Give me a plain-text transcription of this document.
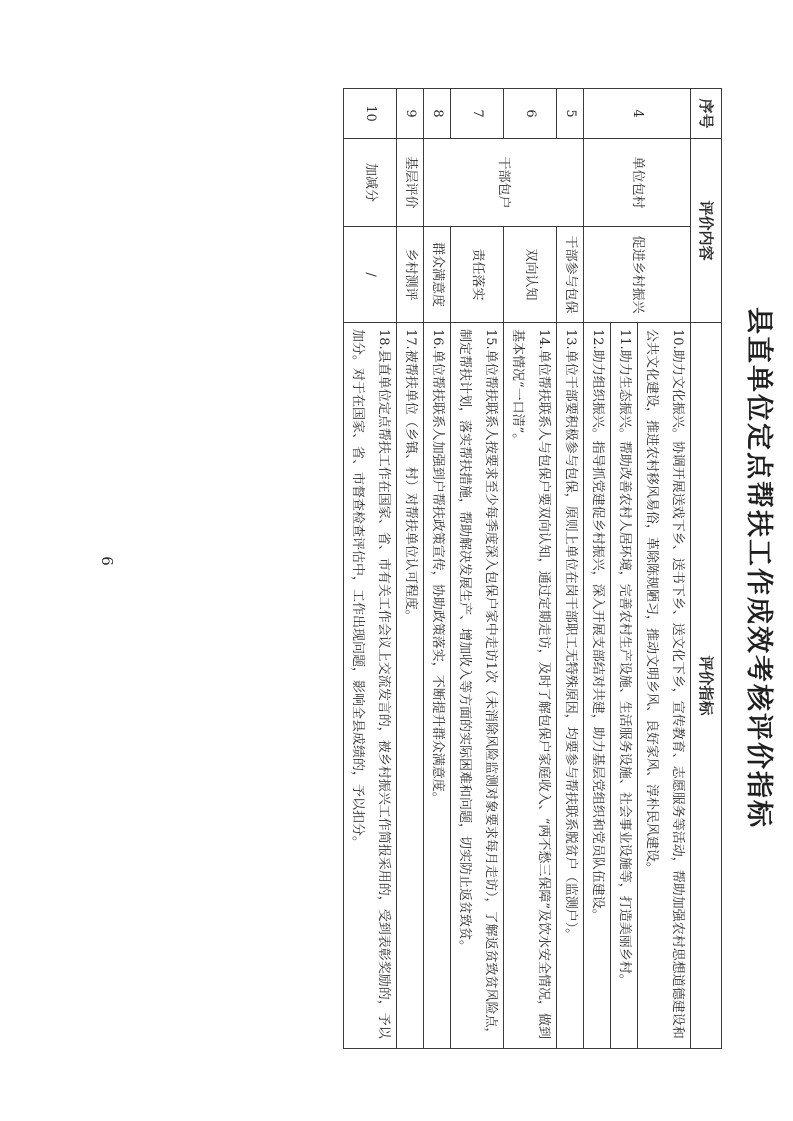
6	县直单位定点帮扶工作成效考核评价指标
序号	评价内容		评价指标
4	单位包村	促进乡村振兴	10.助力文化振兴。协调开展送戏下乡、送书下乡、送文化下乡，宣传教育、志愿服务等活动，帮助加强农村思想道德建设和公共文化建设，推进农村移风易俗，革除陈规陋习，推动文明乡风、良好家风、淳朴民风建设。
			11.助力生态振兴。帮助改善农村人居环境，完善农村生产设施、生活服务设施、社会事业设施等，打造美丽乡村。
			12.助力组织振兴。指导抓党建促乡村振兴，深入开展支部结对共建，助力基层党组织和党员队伍建设。
5	干部包户	干部参与包保	13.单位干部要积极参与包保，原则上单位在岗干部职工无特殊原因，均要参与帮扶联系脱贫户（监测户）。
6		双向认知	14.单位帮扶联系人与包保户要双向认知，通过定期走访，及时了解包保户家庭收入、“两不愁三保障”及饮水安全情况，做到基本情况“一口清”。
7		责任落实	15.单位帮扶联系人按要求至少每季度深入包保户家中走访1次（未消除风险监测对象要求每月走访），了解返贫致贫风险点，制定帮扶计划，落实帮扶措施，帮助解决发展生产、增加收入等方面的实际困难和问题，切实防止返贫致贫。
8		群众满意度	16.单位帮扶联系人加强到户帮扶政策宣传，协助政策落实，不断提升群众满意度。
9	基层评价	乡村测评	17.被帮扶单位（乡镇、村）对帮扶单位认可程度。
10	加减分	/	18.县直单位定点帮扶工作在国家、省、市有关工作会议上交流发言的，被乡村振兴工作简报采用的，受到表彰奖励的，予以加分。对于在国家、省、市督查检查评估中，工作出现问题，影响全县成绩的，予以扣分。
